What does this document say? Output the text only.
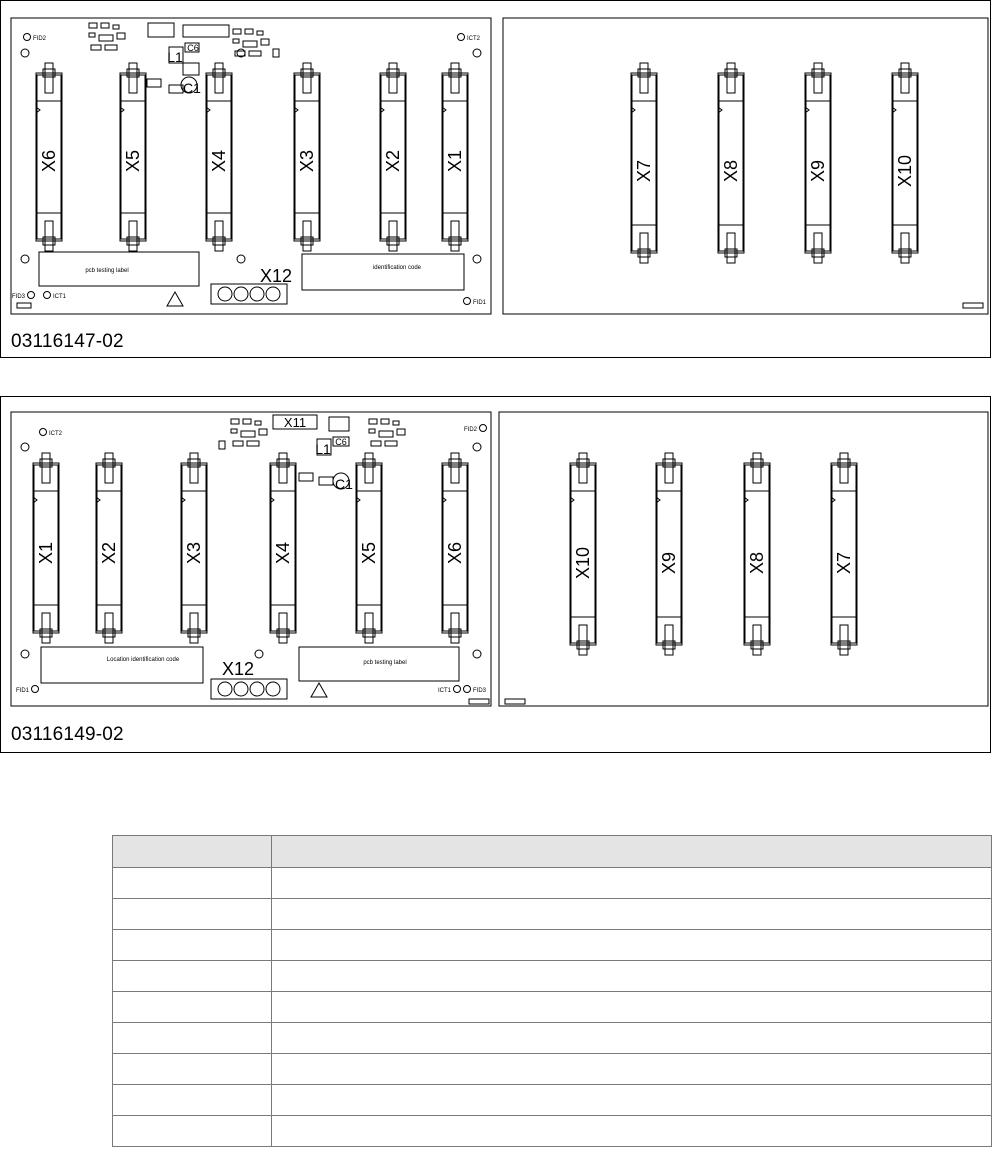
X6	X5	X4	X3	X2 X1	X7	X8	X9	X10
pcb testing label	identification code
X12
FID2	ICT2
FID3	ICT1
FID1
L1
C6
C1
03116147-02
X1 X2	X3	X4	X5	X6	X10	X9	X8	X7
Location identification code	pcb testing label
X12
ICT2
FID2
FID1	ICT1	FID3
X11
L1 C6
C1
03116149-02
